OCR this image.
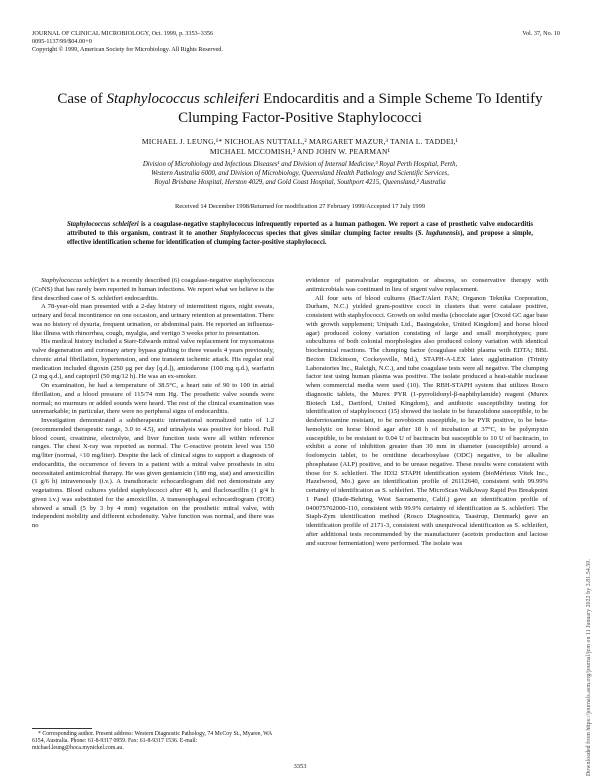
JOURNAL OF CLINICAL MICROBIOLOGY, Oct. 1999, p. 3353–3356
0095-1137/99/$04.00+0
Copyright © 1999, American Society for Microbiology. All Rights Reserved.
Vol. 37, No. 10
Case of Staphylococcus schleiferi Endocarditis and a Simple Scheme To Identify Clumping Factor-Positive Staphylococci
MICHAEL J. LEUNG,¹* NICHOLAS NUTTALL,² MARGARET MAZUR,³ TANIA L. TADDEI,¹
MICHAEL MCCOMISH,³ AND JOHN W. PEARMAN¹
Division of Microbiology and Infectious Diseases¹ and Division of Internal Medicine,³ Royal Perth Hospital, Perth,
Western Australia 6000, and Division of Microbiology, Queensland Health Pathology and Scientific Services,
Royal Brisbane Hospital, Herston 4029, and Gold Coast Hospital, Southport 4215, Queensland,² Australia
Received 14 December 1998/Returned for modification 27 February 1999/Accepted 17 July 1999
Staphylococcus schleiferi is a coagulase-negative staphylococcus infrequently reported as a human pathogen. We report a case of prosthetic valve endocarditis attributed to this organism, contrast it to another Staphylococcus species that gives similar clumping factor results (S. lugdunensis), and propose a simple, effective identification scheme for identification of clumping factor-positive staphylococci.

Staphylococcus schleiferi is a recently described (6) coagulase-negative staphylococcus (CoNS) that has rarely been reported in human infections. We report what we believe is the first described case of S. schleiferi endocarditis.

A 78-year-old man presented with a 2-day history of intermittent rigors, night sweats, urinary and fecal incontinence on one occasion, and urinary retention at presentation. There was no history of dysuria, frequent urination, or abdominal pain. He reported an influenza-like illness with rhinorrhea, cough, myalgia, and vertigo 3 weeks prior to presentation.

His medical history included a Starr-Edwards mitral valve replacement for myxomatous valve degeneration and coronary artery bypass grafting to three vessels 4 years previously, chronic atrial fibrillation, hypertension, and one transient ischemic attack. His regular oral medication included digoxin (250 µg per day [q.d.]), amiodarone (100 mg q.d.), warfarin (2 mg q.d.), and captopril (50 mg/12 h). He was an ex-smoker.

On examination, he had a temperature of 38.5°C, a heart rate of 90 to 100 in atrial fibrillation, and a blood pressure of 115/74 mm Hg. The prosthetic valve sounds were normal; no murmurs or added sounds were heard. The rest of the clinical examination was unremarkable; in particular, there were no peripheral signs of endocarditis.

Investigation demonstrated a subtherapeutic international normalized ratio of 1.2 (recommended therapeutic range, 3.0 to 4.5), and urinalysis was positive for blood. Full blood count, creatinine, electrolyte, and liver function tests were all within reference ranges. The chest X-ray was reported as normal. The C-reactive protein level was 150 mg/liter (normal, <10 mg/liter). Despite the lack of clinical signs to support a diagnosis of endocarditis, the occurrence of fevers in a patient with a mitral valve prosthesis in situ necessitated antimicrobial therapy. He was given gentamicin (180 mg, stat) and amoxicillin (1 g/6 h) intravenously (i.v.). A transthoracic echocardiogram did not demonstrate any vegetations. Blood cultures yielded staphylococci after 48 h, and flucloxacillin (1 g/4 h given i.v.) was substituted for the amoxicillin. A transesophageal echocardiogram (TOE) showed a small (5 by 3 by 4 mm) vegetation on the prosthetic mitral valve, with independent mobility and different echodensity. Valve function was normal, and there was no

evidence of paravalvular regurgitation or abscess, so conservative therapy with antimicrobials was continued in lieu of urgent valve replacement.

All four sets of blood cultures (BacT/Alert FAN; Organon Teknika Corporation, Durham, N.C.) yielded gram-positive cocci in clusters that were catalase positive, consistent with staphylococci. Growth on solid media (chocolate agar [Oxoid GC agar base with growth supplement; Unipath Ltd., Basingstoke, United Kingdom] and horse blood agar) produced colony variation consisting of large and small morphotypes; pure subcultures of both colonial morphologies also produced colony variation with identical biochemical reactions. The clumping factor (coagulase rabbit plasma with EDTA; BBL Becton Dickinson, Cockeysville, Md.), STAPH-A-LEX latex agglutination (Trinity Laboratories Inc., Raleigh, N.C.), and tube coagulase tests were all negative. The clumping factor test using human plasma was positive. The isolate produced a heat-stable nuclease when commercial media were used (10). The RBH-STAPH system that utilizes Rosco diagnostic tablets, the Murex PYR (1-pyrrolidonyl-β-naphthylamide) reagent (Murex Biotech Ltd., Dartford, United Kingdom), and antibiotic susceptibility testing for identification of staphylococci (15) showed the isolate to be furazolidone susceptible, to be desferrioxamine resistant, to be novobiocin susceptible, to be PYR positive, to be beta-hemolytic on horse blood agar after 18 h of incubation at 37°C, to be polymyxin susceptible, to be resistant to 0.04 U of bacitracin but susceptible to 10 U of bacitracin, to exhibit a zone of inhibition greater than 30 mm in diameter (susceptible) around a fosfomycin tablet, to be ornithine decarboxylase (ODC) negative, to be alkaline phosphatase (ALP) positive, and to be urease negative. These results were consistent with those for S. schleiferi. The ID32 STAPH identification system (bioMérieux Vitek Inc., Hazelwood, Mo.) gave an identification profile of 26112640, consistent with 99.99% certainty of identification as S. schleiferi. The MicroScan WalkAway Rapid Pos Breakpoint 1 Panel (Dade-Behring, West Sacramento, Calif.) gave an identification profile of 040075762000-110, consistent with 99.9% certainty of identification as S. schleiferi. The Staph-Zym identification method (Rosco Diagnostica, Taastrup, Denmark) gave an identification profile of 2171-3, consistent with unequivocal identification as S. schleiferi, after additional tests recommended by the manufacturer (acetoin production and lactose and sucrose fermentation) were performed. The isolate was

* Corresponding author. Present address: Western Diagnostic Pathology, 74 McCoy St., Myaree, WA 6154, Australia. Phone: 61-8-9317 0959. Fax: 61-8-9317 1536. E-mail: michael.leung@hoca.mynickel.com.au.
3353	Downloaded from https://journals.asm.org/journal/jcm on 11 January 2022 by 3.81.54.50.
